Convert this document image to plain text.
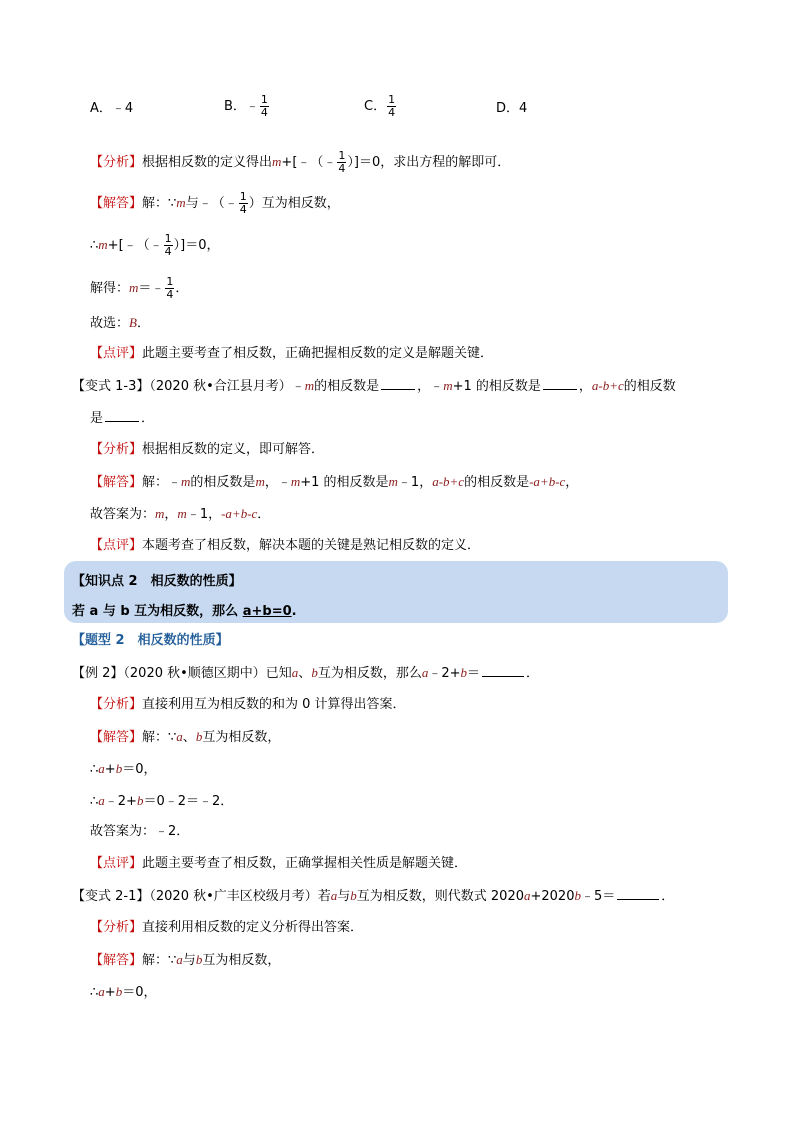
A．﹣4	B．﹣ $\frac{1}{4}$	C． $\frac{1}{4}$	D．4
【分析】根据相反数的定义得出m+[﹣（﹣ $\frac{1}{4} )]=0$，求出方程的解即可．
【解答】解：∵m与﹣（﹣ $\frac{1}{4}$ ）互为相反数，
∴m+[﹣（﹣ $\frac{1}{4} )]=0$，
解得：m＝﹣ $\frac{1}{4}$ ．
故选：B．
【点评】此题主要考查了相反数，正确把握相反数的定义是解题关键．
【变式 1-3】（2020 秋•合江县月考）﹣m的相反数是	，﹣m+1 的相反数是	，a-b+c的相反数
是	．
【分析】根据相反数的定义，即可解答．
【解答】解：﹣m的相反数是m，﹣m+1 的相反数是m﹣1，a-b+c的相反数是-a+b-c，
故答案为：m，m﹣1，-a+b-c．
【点评】本题考查了相反数，解决本题的关键是熟记相反数的定义．
【知识点 2　相反数的性质】
若 a 与 b 互为相反数，那么 a+b=0.
【题型 2　相反数的性质】
【例 2】（2020 秋•顺德区期中）已知a、b互为相反数，那么a﹣2+b＝	．
【分析】直接利用互为相反数的和为 0 计算得出答案．
【解答】解：∵a、b互为相反数，
∴a+b＝0，
∴a﹣2+b＝0﹣2＝﹣2．
故答案为：﹣2．
【点评】此题主要考查了相反数，正确掌握相关性质是解题关键．
【变式 2-1】（2020 秋•广丰区校级月考）若a与b互为相反数，则代数式 2020a+2020b﹣5＝	．
【分析】直接利用相反数的定义分析得出答案．
【解答】解：∵a与b互为相反数，
∴a+b＝0，
